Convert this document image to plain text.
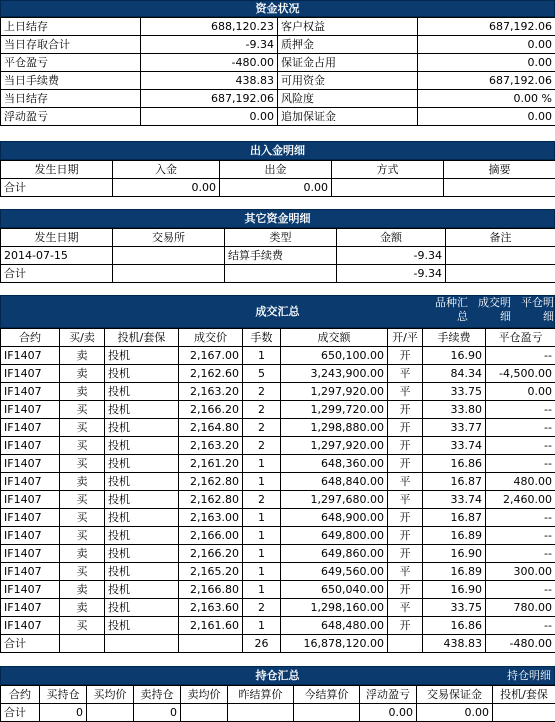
资金状况
上日结存	688,120.23	客户权益	687,192.06
当日存取合计	-9.34	质押金	0.00
平仓盈亏	-480.00	保证金占用	0.00
当日手续费	438.83	可用资金	687,192.06
当日结存	687,192.06	风险度	0.00 %
浮动盈亏	0.00	追加保证金	0.00
出入金明细
发生日期	入金	出金	方式	摘要
合计	0.00	0.00		
其它资金明细
发生日期	交易所	类型	金额	备注
2014-07-15		结算手续费	-9.34	
合计			-9.34	
成交汇总
品种汇
总
成交明
细
平仓明
细
合约	买/卖	投机/套保	成交价	手数	成交额	开/平	手续费	平仓盈亏
IF1407	卖	投机	2,167.00	1	650,100.00	开	16.90	--
IF1407	卖	投机	2,162.60	5	3,243,900.00	平	84.34	-4,500.00
IF1407	卖	投机	2,163.20	2	1,297,920.00	平	33.75	0.00
IF1407	买	投机	2,166.20	2	1,299,720.00	开	33.80	--
IF1407	买	投机	2,164.80	2	1,298,880.00	开	33.77	--
IF1407	买	投机	2,163.20	2	1,297,920.00	开	33.74	--
IF1407	买	投机	2,161.20	1	648,360.00	开	16.86	--
IF1407	卖	投机	2,162.80	1	648,840.00	平	16.87	480.00
IF1407	买	投机	2,162.80	2	1,297,680.00	平	33.74	2,460.00
IF1407	买	投机	2,163.00	1	648,900.00	开	16.87	--
IF1407	买	投机	2,166.00	1	649,800.00	开	16.89	--
IF1407	卖	投机	2,166.20	1	649,860.00	开	16.90	--
IF1407	买	投机	2,165.20	1	649,560.00	平	16.89	300.00
IF1407	卖	投机	2,166.80	1	650,040.00	开	16.90	--
IF1407	卖	投机	2,163.60	2	1,298,160.00	平	33.75	780.00
IF1407	买	投机	2,161.60	1	648,480.00	开	16.86	--
合计				26	16,878,120.00		438.83	-480.00
持仓汇总	持仓明细
合约	买持仓	买均价	卖持仓	卖均价	昨结算价	今结算价	浮动盈亏	交易保证金	投机/套保
合计	0		0				0.00	0.00	
